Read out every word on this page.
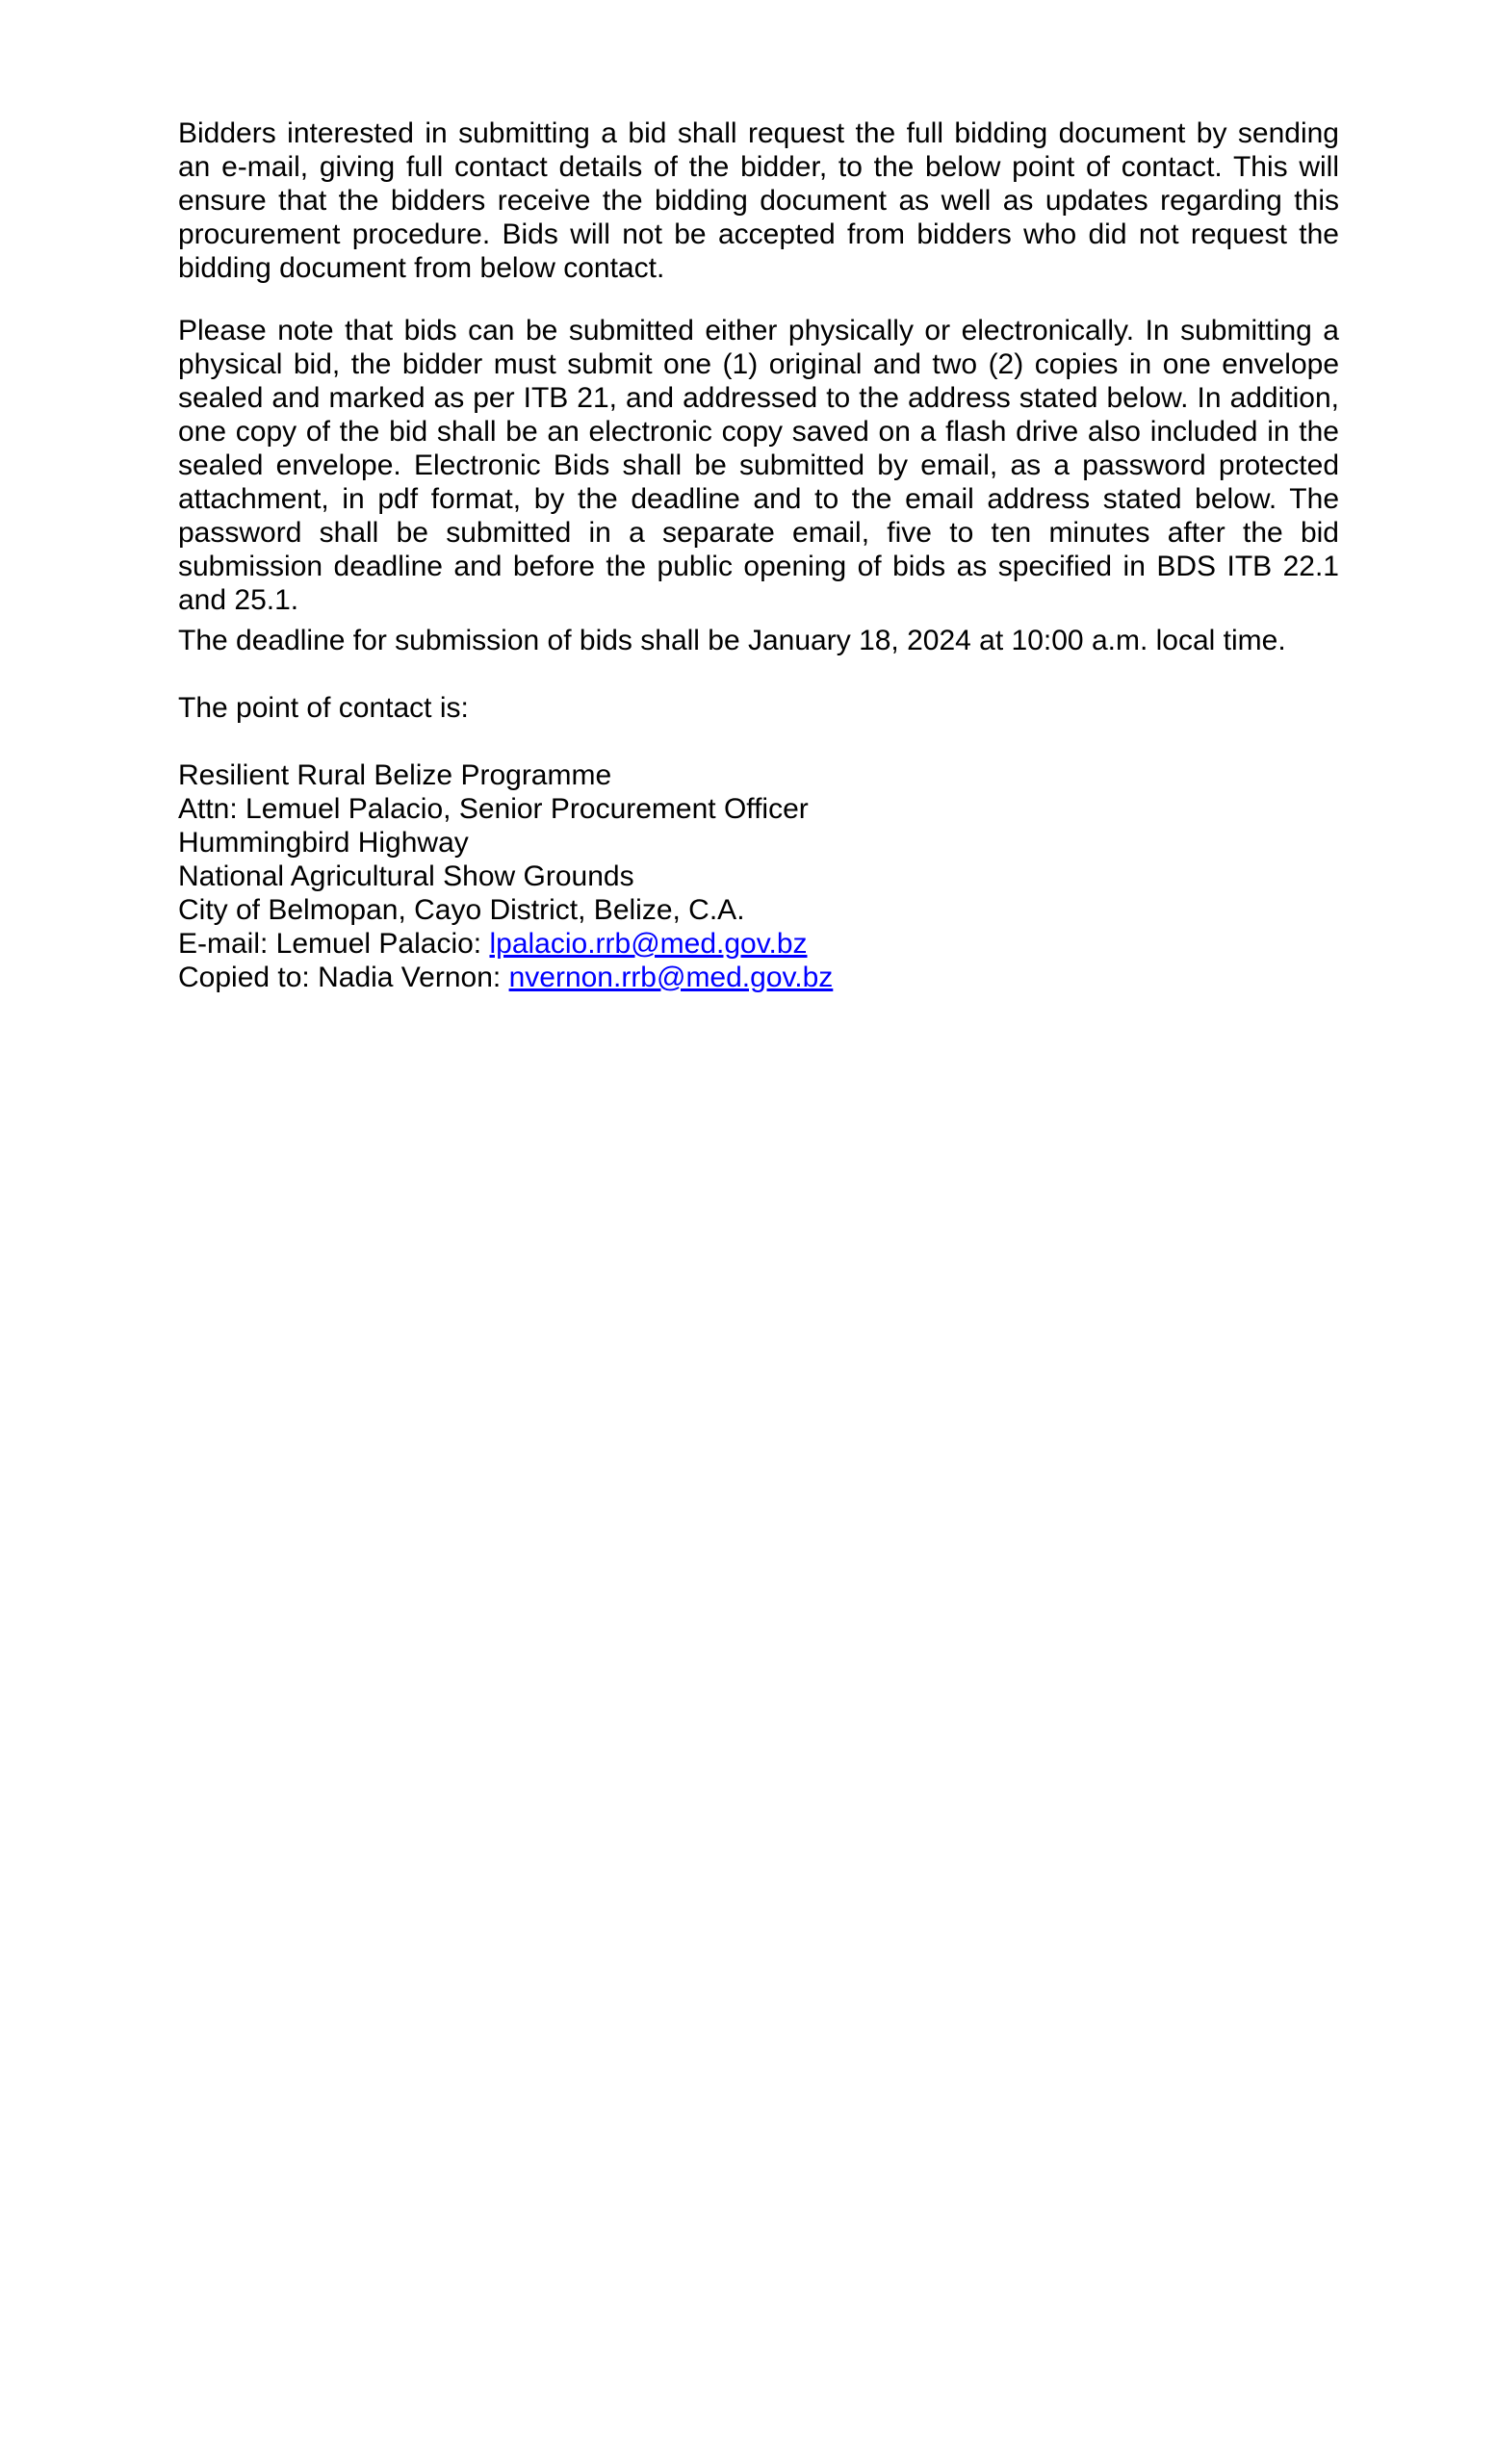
Bidders interested in submitting a bid shall request the full bidding document by sending an e-mail, giving full contact details of the bidder, to the below point of contact. This will ensure that the bidders receive the bidding document as well as updates regarding this procurement procedure. Bids will not be accepted from bidders who did not request the bidding document from below contact.

Please note that bids can be submitted either physically or electronically. In submitting a physical bid, the bidder must submit one (1) original and two (2) copies in one envelope sealed and marked as per ITB 21, and addressed to the address stated below. In addition, one copy of the bid shall be an electronic copy saved on a flash drive also included in the sealed envelope. Electronic Bids shall be submitted by email, as a password protected attachment, in pdf format, by the deadline and to the email address stated below. The password shall be submitted in a separate email, five to ten minutes after the bid submission deadline and before the public opening of bids as specified in BDS ITB 22.1 and 25.1.

The deadline for submission of bids shall be January 18, 2024 at 10:00 a.m. local time.

The point of contact is:

Resilient Rural Belize Programme
Attn: Lemuel Palacio, Senior Procurement Officer
Hummingbird Highway
National Agricultural Show Grounds
City of Belmopan, Cayo District, Belize, C.A.
E-mail: Lemuel Palacio: lpalacio.rrb@med.gov.bz
Copied to: Nadia Vernon: nvernon.rrb@med.gov.bz
